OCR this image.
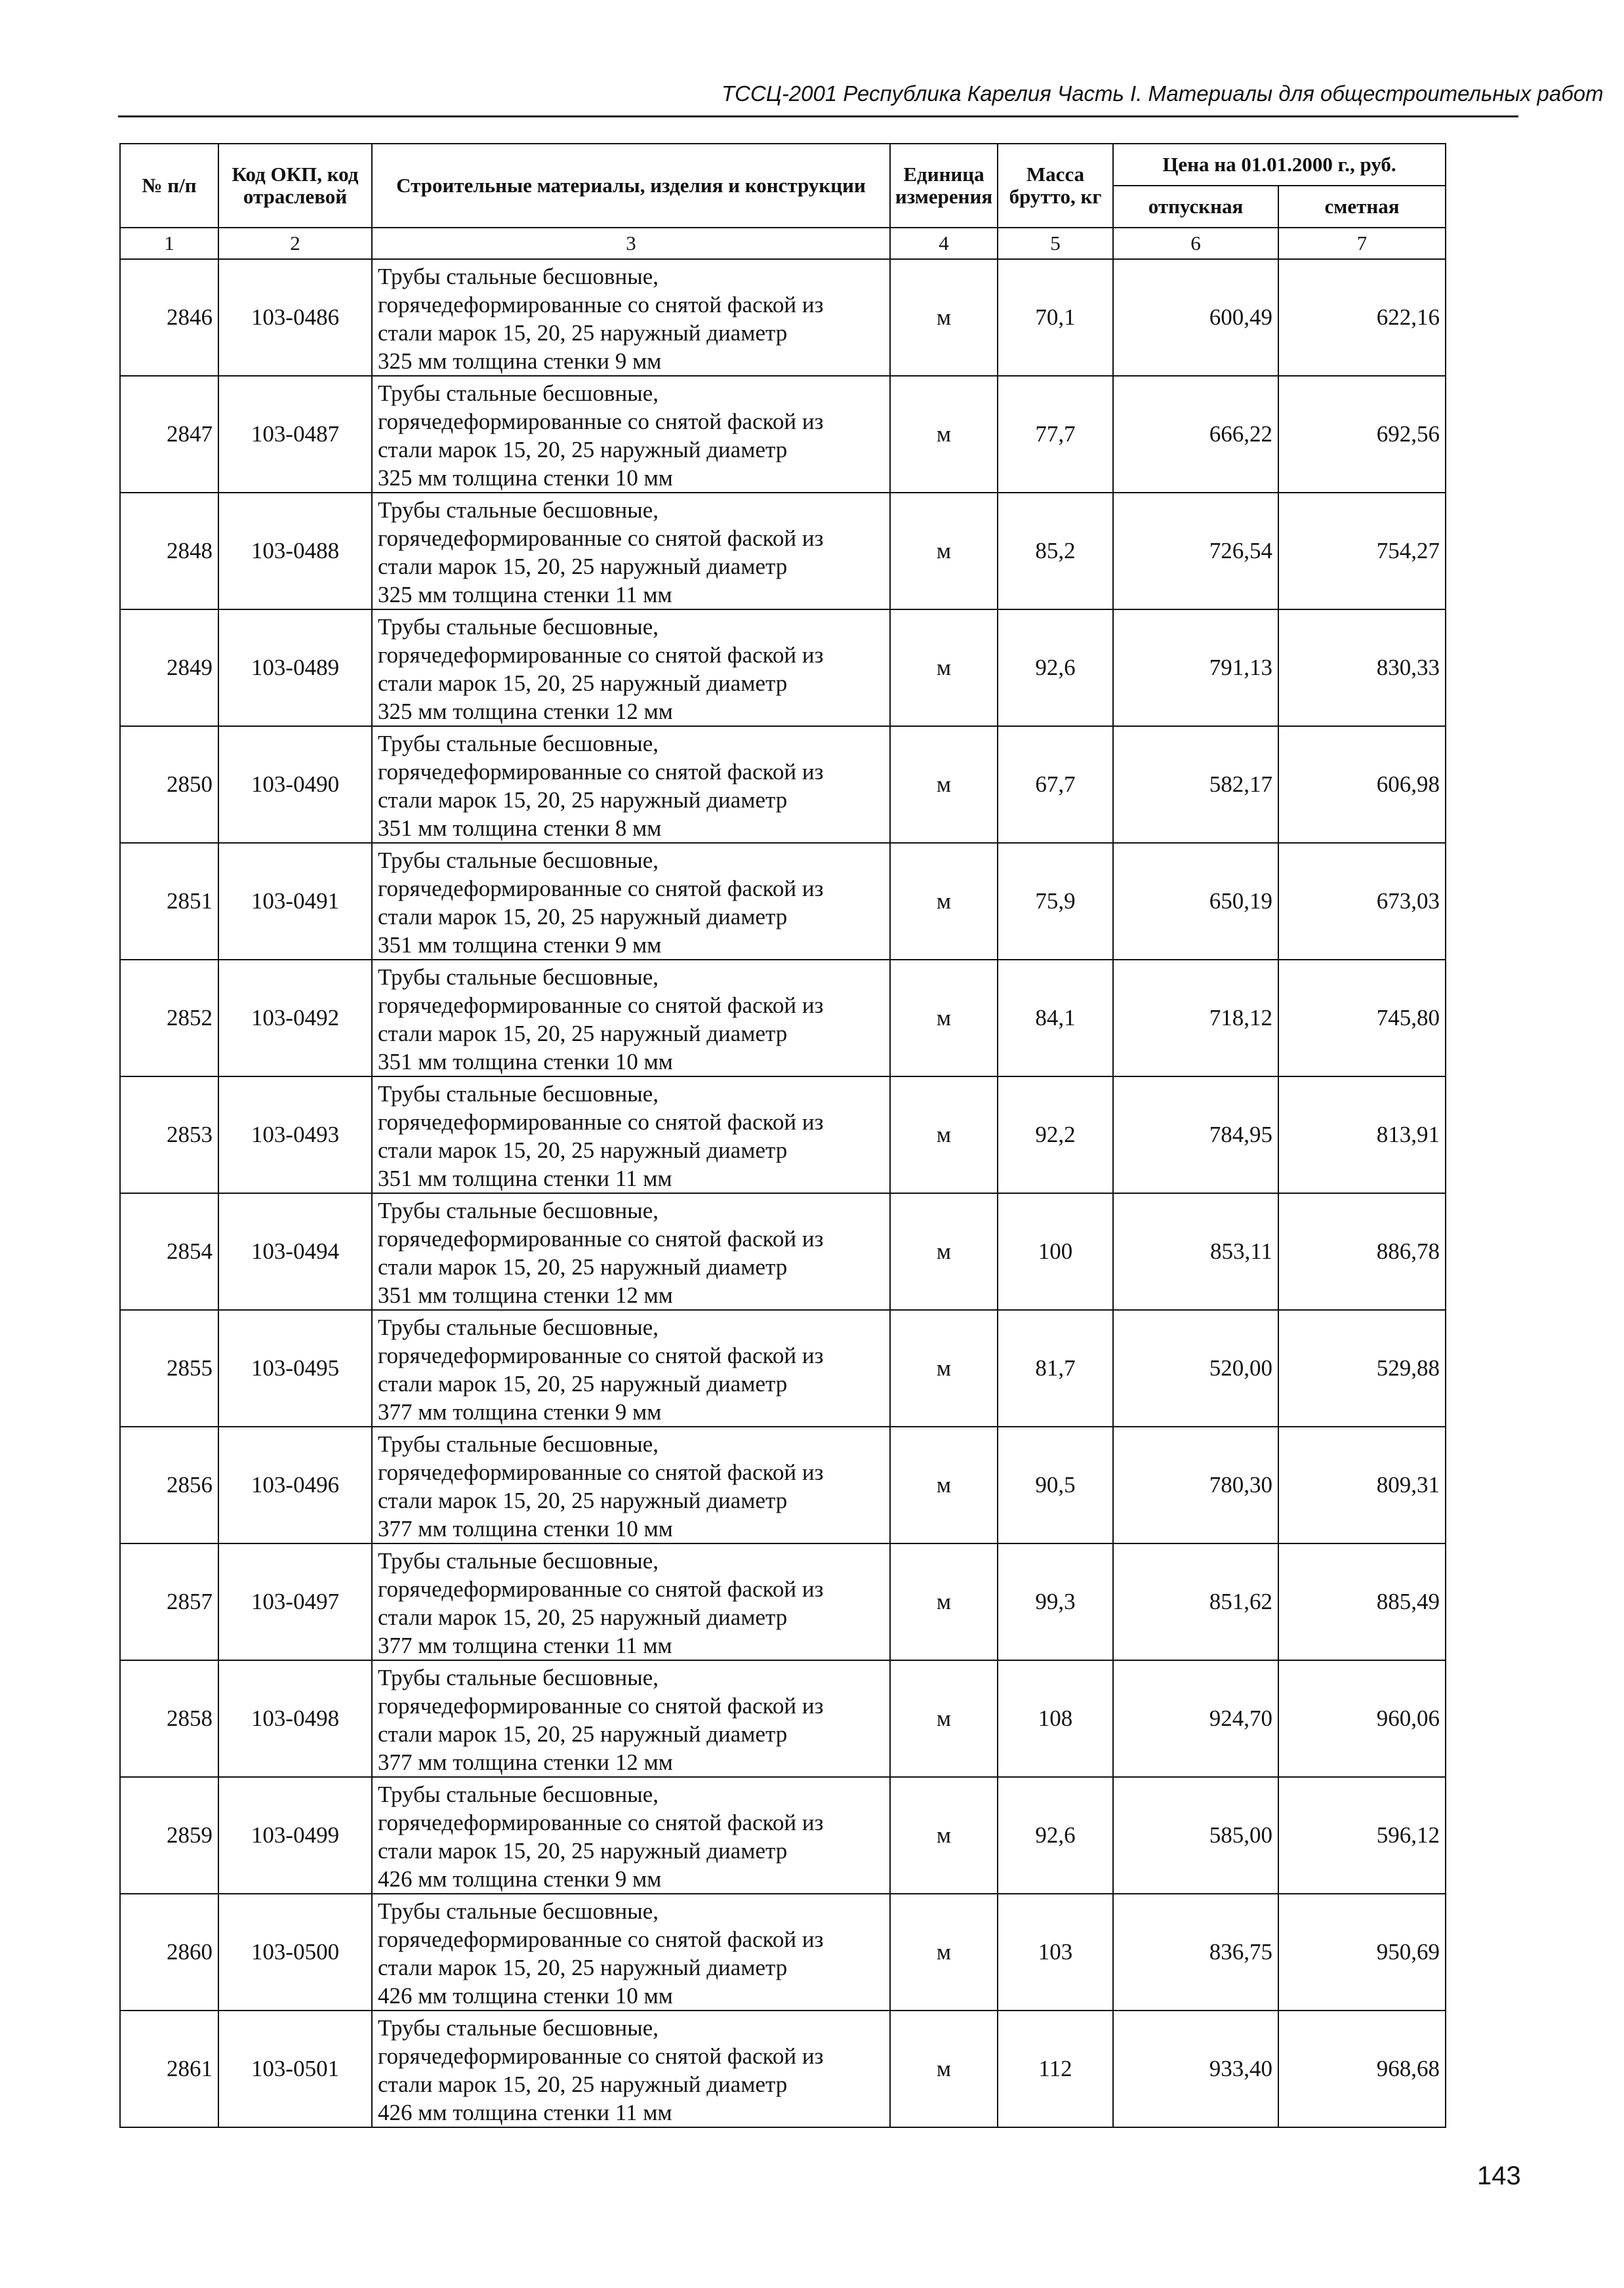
ТССЦ-2001 Республика Карелия Часть I. Материалы для общестроительных работ
№ п/п	Код ОКП, код отраслевой	Строительные материалы, изделия и конструкции	Единица измерения	Масса брутто, кг	Цена на 01.01.2000 г., руб.	
					отпускная	сметная
1	2	3	4	5	6	7
2846	103-0486	Трубы стальные бесшовные,
горячедеформированные со снятой фаской из
стали марок 15, 20, 25 наружный диаметр
325 мм толщина стенки 9 мм	м	70,1	600,49	622,16
2847	103-0487	Трубы стальные бесшовные,
горячедеформированные со снятой фаской из
стали марок 15, 20, 25 наружный диаметр
325 мм толщина стенки 10 мм	м	77,7	666,22	692,56
2848	103-0488	Трубы стальные бесшовные,
горячедеформированные со снятой фаской из
стали марок 15, 20, 25 наружный диаметр
325 мм толщина стенки 11 мм	м	85,2	726,54	754,27
2849	103-0489	Трубы стальные бесшовные,
горячедеформированные со снятой фаской из
стали марок 15, 20, 25 наружный диаметр
325 мм толщина стенки 12 мм	м	92,6	791,13	830,33
2850	103-0490	Трубы стальные бесшовные,
горячедеформированные со снятой фаской из
стали марок 15, 20, 25 наружный диаметр
351 мм толщина стенки 8 мм	м	67,7	582,17	606,98
2851	103-0491	Трубы стальные бесшовные,
горячедеформированные со снятой фаской из
стали марок 15, 20, 25 наружный диаметр
351 мм толщина стенки 9 мм	м	75,9	650,19	673,03
2852	103-0492	Трубы стальные бесшовные,
горячедеформированные со снятой фаской из
стали марок 15, 20, 25 наружный диаметр
351 мм толщина стенки 10 мм	м	84,1	718,12	745,80
2853	103-0493	Трубы стальные бесшовные,
горячедеформированные со снятой фаской из
стали марок 15, 20, 25 наружный диаметр
351 мм толщина стенки 11 мм	м	92,2	784,95	813,91
2854	103-0494	Трубы стальные бесшовные,
горячедеформированные со снятой фаской из
стали марок 15, 20, 25 наружный диаметр
351 мм толщина стенки 12 мм	м	100	853,11	886,78
2855	103-0495	Трубы стальные бесшовные,
горячедеформированные со снятой фаской из
стали марок 15, 20, 25 наружный диаметр
377 мм толщина стенки 9 мм	м	81,7	520,00	529,88
2856	103-0496	Трубы стальные бесшовные,
горячедеформированные со снятой фаской из
стали марок 15, 20, 25 наружный диаметр
377 мм толщина стенки 10 мм	м	90,5	780,30	809,31
2857	103-0497	Трубы стальные бесшовные,
горячедеформированные со снятой фаской из
стали марок 15, 20, 25 наружный диаметр
377 мм толщина стенки 11 мм	м	99,3	851,62	885,49
2858	103-0498	Трубы стальные бесшовные,
горячедеформированные со снятой фаской из
стали марок 15, 20, 25 наружный диаметр
377 мм толщина стенки 12 мм	м	108	924,70	960,06
2859	103-0499	Трубы стальные бесшовные,
горячедеформированные со снятой фаской из
стали марок 15, 20, 25 наружный диаметр
426 мм толщина стенки 9 мм	м	92,6	585,00	596,12
2860	103-0500	Трубы стальные бесшовные,
горячедеформированные со снятой фаской из
стали марок 15, 20, 25 наружный диаметр
426 мм толщина стенки 10 мм	м	103	836,75	950,69
2861	103-0501	Трубы стальные бесшовные,
горячедеформированные со снятой фаской из
стали марок 15, 20, 25 наружный диаметр
426 мм толщина стенки 11 мм	м	112	933,40	968,68
143
